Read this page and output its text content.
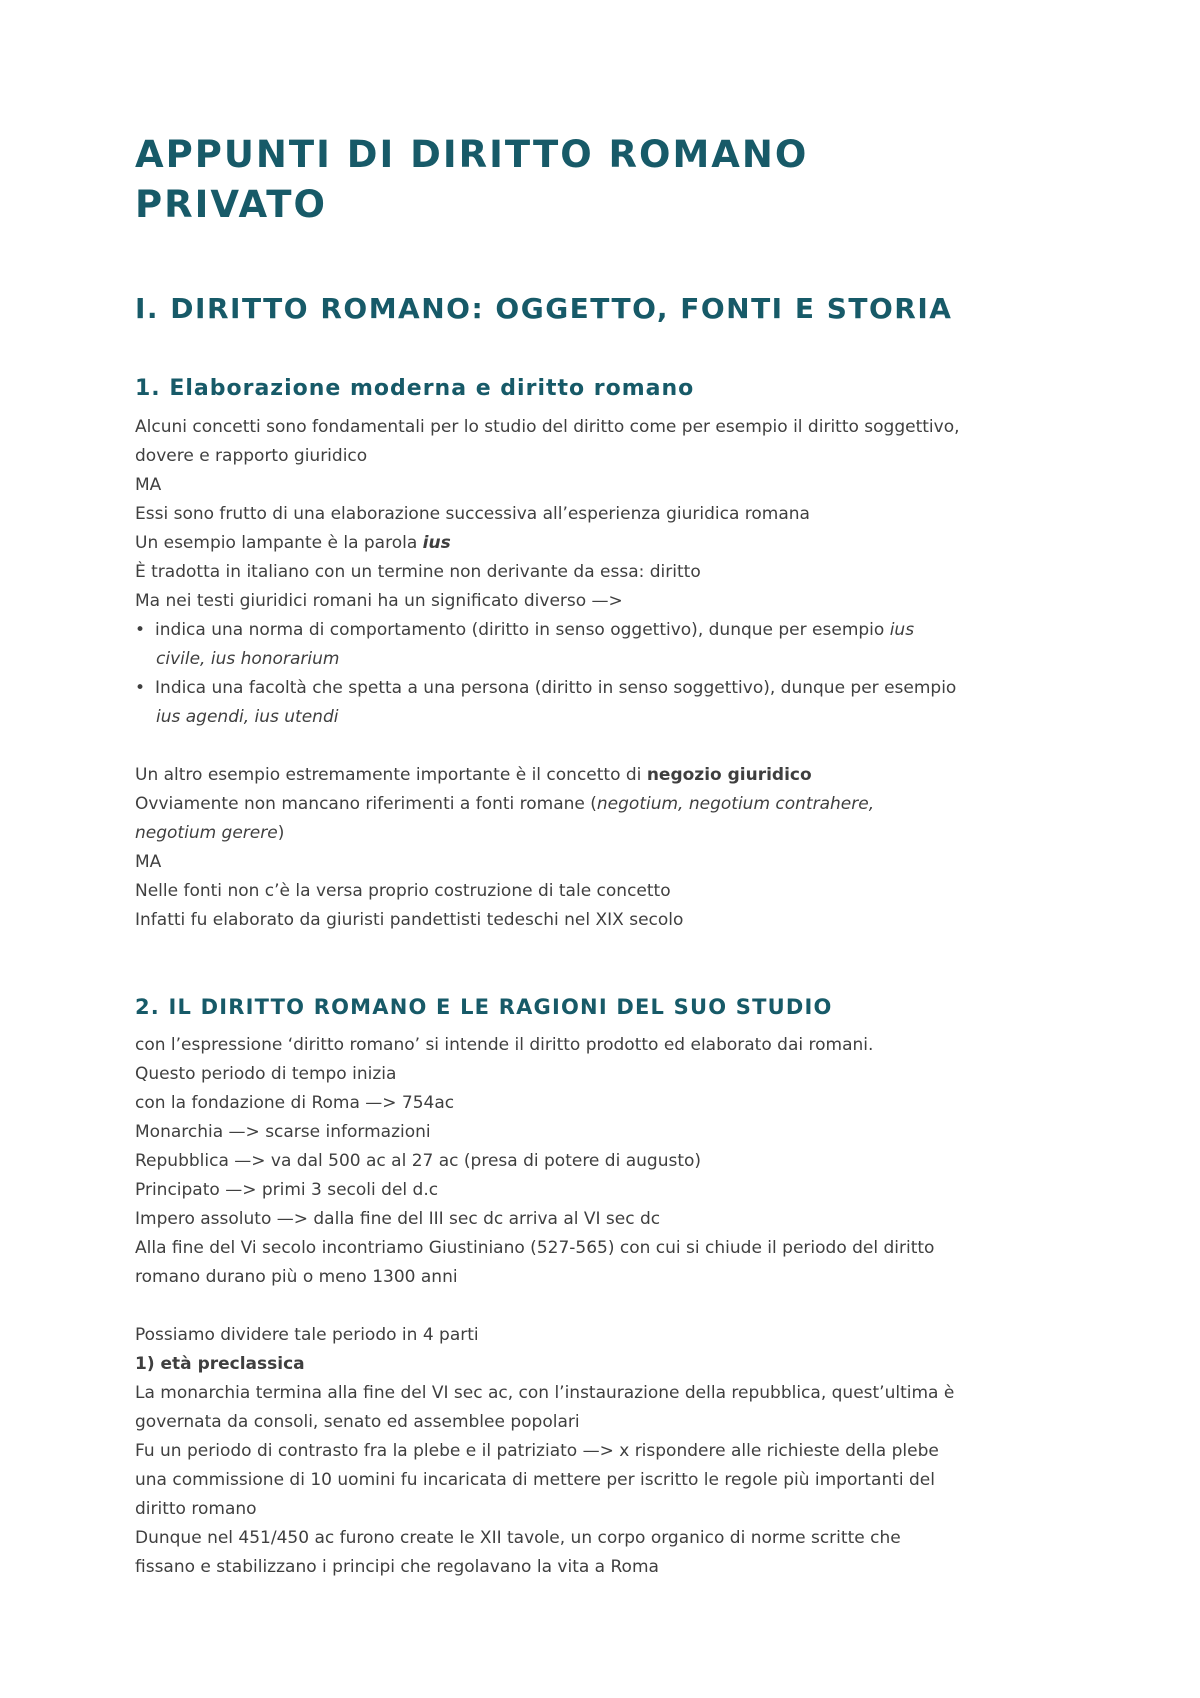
APPUNTI DI DIRITTO ROMANO PRIVATO
I. DIRITTO ROMANO: OGGETTO, FONTI E STORIA
1. Elaborazione moderna e diritto romano

Alcuni concetti sono fondamentali per lo studio del diritto come per esempio il diritto soggettivo, dovere e rapporto giuridico

MA

Essi sono frutto di una elaborazione successiva all’esperienza giuridica romana

Un esempio lampante è la parola ius

È tradotta in italiano con un termine non derivante da essa: diritto

Ma nei testi giuridici romani ha un significato diverso —>

• indica una norma di comportamento (diritto in senso oggettivo), dunque per esempio ius civile, ius honorarium

• Indica una facoltà che spetta a una persona (diritto in senso soggettivo), dunque per esempio ius agendi, ius utendi

Un altro esempio estremamente importante è il concetto di negozio giuridico

Ovviamente non mancano riferimenti a fonti romane (negotium, negotium contrahere, negotium gerere)

MA

Nelle fonti non c’è la versa proprio costruzione di tale concetto

Infatti fu elaborato da giuristi pandettisti tedeschi nel XIX secolo

2. IL DIRITTO ROMANO E LE RAGIONI DEL SUO STUDIO

con l’espressione ‘diritto romano’ si intende il diritto prodotto ed elaborato dai romani.

Questo periodo di tempo inizia

con la fondazione di Roma —> 754ac

Monarchia —> scarse informazioni

Repubblica —> va dal 500 ac al 27 ac (presa di potere di augusto)

Principato —> primi 3 secoli del d.c

Impero assoluto —> dalla fine del III sec dc arriva al VI sec dc

Alla fine del Vi secolo incontriamo Giustiniano (527-565) con cui si chiude il periodo del diritto romano durano più o meno 1300 anni

Possiamo dividere tale periodo in 4 parti

1) età preclassica

La monarchia termina alla fine del VI sec ac, con l’instaurazione della repubblica, quest’ultima è governata da consoli, senato ed assemblee popolari

Fu un periodo di contrasto fra la plebe e il patriziato —> x rispondere alle richieste della plebe una commissione di 10 uomini fu incaricata di mettere per iscritto le regole più importanti del diritto romano

Dunque nel 451/450 ac furono create le XII tavole, un corpo organico di norme scritte che fissano e stabilizzano i principi che regolavano la vita a Roma
